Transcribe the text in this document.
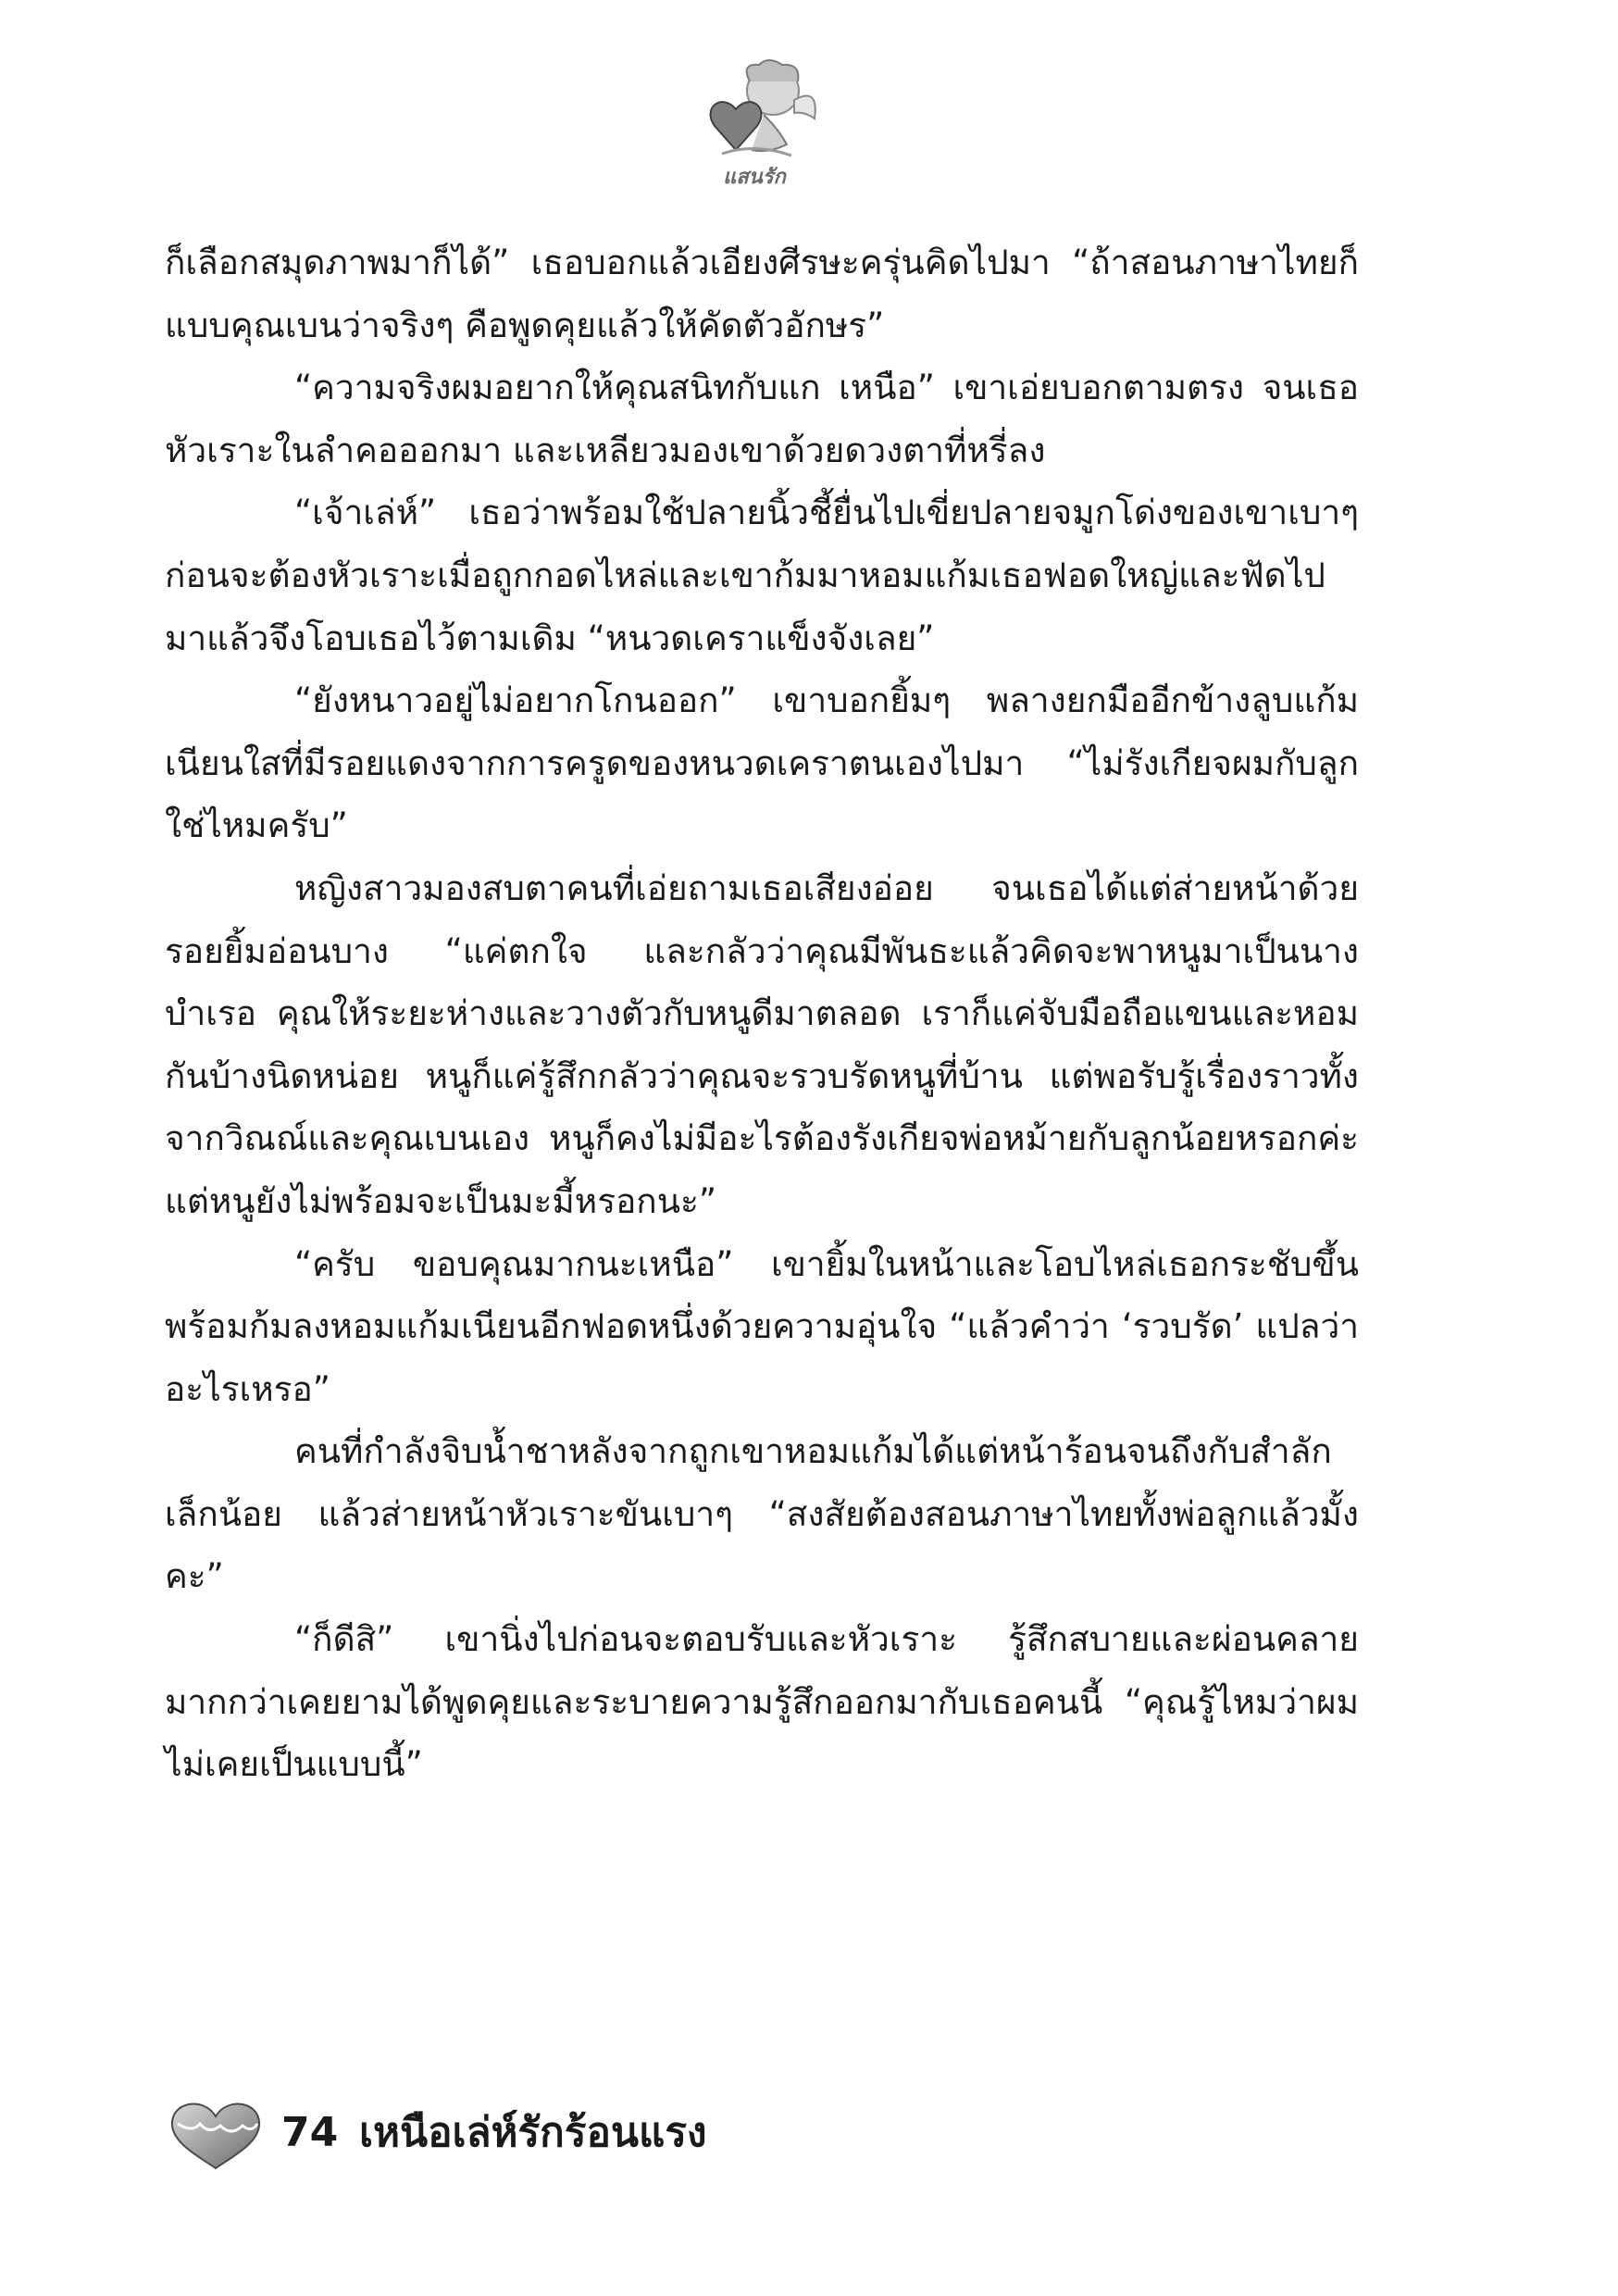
แสนรัก

ก็เลือกสมุดภาพมาก็ได้” เธอบอกแล้วเอียงศีรษะครุ่นคิดไปมา “ถ้าสอนภาษาไทยก็แบบคุณเบนว่าจริงๆ คือพูดคุยแล้วให้คัดตัวอักษร”

“ความจริงผมอยากให้คุณสนิทกับแก เหนือ” เขาเอ่ยบอกตามตรง จนเธอหัวเราะในลำคอออกมา และเหลียวมองเขาด้วยดวงตาที่หรี่ลง

“เจ้าเล่ห์” เธอว่าพร้อมใช้ปลายนิ้วชี้ยื่นไปเขี่ยปลายจมูกโด่งของเขาเบาๆ ก่อนจะต้องหัวเราะเมื่อถูกกอดไหล่และเขาก้มมาหอมแก้มเธอฟอดใหญ่และฟัดไปมาแล้วจึงโอบเธอไว้ตามเดิม “หนวดเคราแข็งจังเลย”

“ยังหนาวอยู่ไม่อยากโกนออก” เขาบอกยิ้มๆ พลางยกมืออีกข้างลูบแก้มเนียนใสที่มีรอยแดงจากการครูดของหนวดเคราตนเองไปมา “ไม่รังเกียจผมกับลูกใช่ไหมครับ”

หญิงสาวมองสบตาคนที่เอ่ยถามเธอเสียงอ่อย จนเธอได้แต่ส่ายหน้าด้วยรอยยิ้มอ่อนบาง “แค่ตกใจ และกลัวว่าคุณมีพันธะแล้วคิดจะพาหนูมาเป็นนางบำเรอ คุณให้ระยะห่างและวางตัวกับหนูดีมาตลอด เราก็แค่จับมือถือแขนและหอมกันบ้างนิดหน่อย หนูก็แค่รู้สึกกลัวว่าคุณจะรวบรัดหนูที่บ้าน แต่พอรับรู้เรื่องราวทั้งจากวิณณ์และคุณเบนเอง หนูก็คงไม่มีอะไรต้องรังเกียจพ่อหม้ายกับลูกน้อยหรอกค่ะ แต่หนูยังไม่พร้อมจะเป็นมะมี้หรอกนะ”

“ครับ ขอบคุณมากนะเหนือ” เขายิ้มในหน้าและโอบไหล่เธอกระชับขึ้น พร้อมก้มลงหอมแก้มเนียนอีกฟอดหนึ่งด้วยความอุ่นใจ “แล้วคำว่า ‘รวบรัด’ แปลว่าอะไรเหรอ”

คนที่กำลังจิบน้ำชาหลังจากถูกเขาหอมแก้มได้แต่หน้าร้อนจนถึงกับสำลักเล็กน้อย แล้วส่ายหน้าหัวเราะขันเบาๆ “สงสัยต้องสอนภาษาไทยทั้งพ่อลูกแล้วมั้งคะ”

“ก็ดีสิ” เขานิ่งไปก่อนจะตอบรับและหัวเราะ รู้สึกสบายและผ่อนคลายมากกว่าเคยยามได้พูดคุยและระบายความรู้สึกออกมากับเธอคนนี้ “คุณรู้ไหมว่าผมไม่เคยเป็นแบบนี้”

74 เหนือเล่ห์รักร้อนแรง
